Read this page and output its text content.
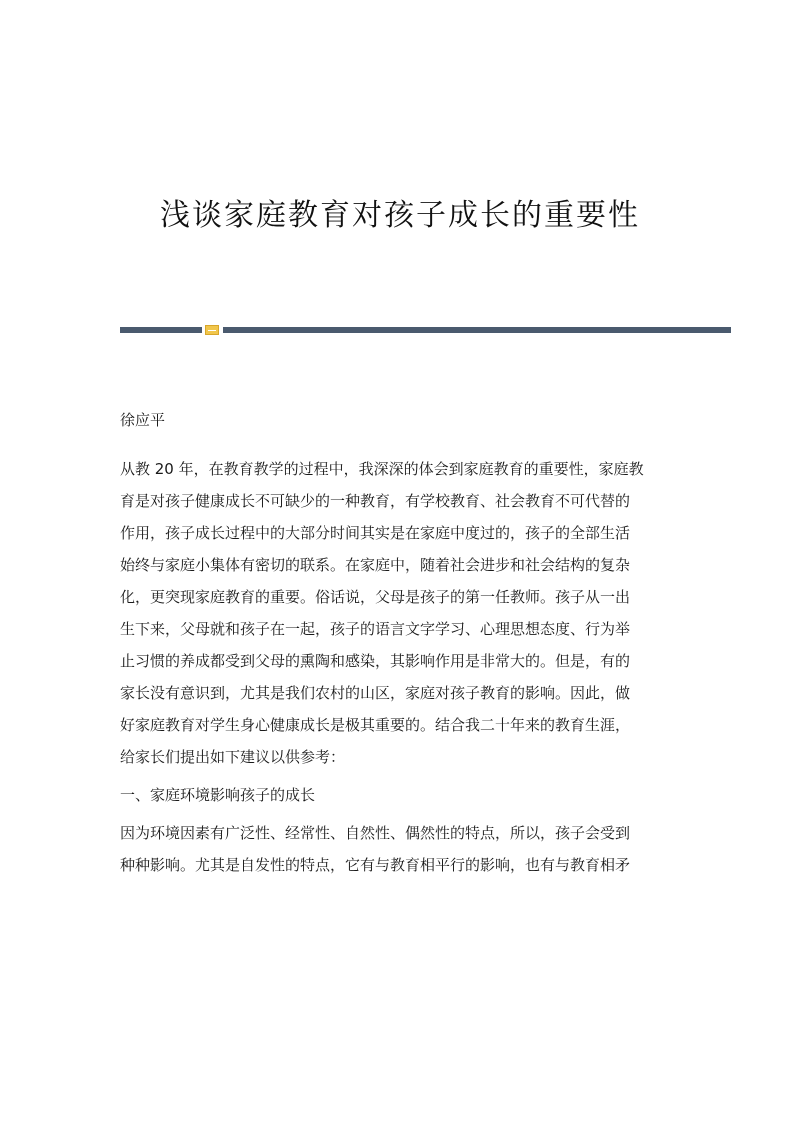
浅谈家庭教育对孩子成长的重要性
徐应平
从教 20 年，在教育教学的过程中，我深深的体会到家庭教育的重要性，家庭教
育是对孩子健康成长不可缺少的一种教育，有学校教育、社会教育不可代替的
作用，孩子成长过程中的大部分时间其实是在家庭中度过的，孩子的全部生活
始终与家庭小集体有密切的联系。在家庭中，随着社会进步和社会结构的复杂
化，更突现家庭教育的重要。俗话说，父母是孩子的第一任教师。孩子从一出
生下来，父母就和孩子在一起，孩子的语言文字学习、心理思想态度、行为举
止习惯的养成都受到父母的熏陶和感染，其影响作用是非常大的。但是，有的
家长没有意识到，尤其是我们农村的山区，家庭对孩子教育的影响。因此，做
好家庭教育对学生身心健康成长是极其重要的。结合我二十年来的教育生涯，
给家长们提出如下建议以供参考：
一、家庭环境影响孩子的成长
因为环境因素有广泛性、经常性、自然性、偶然性的特点，所以，孩子会受到
种种影响。尤其是自发性的特点，它有与教育相平行的影响，也有与教育相矛
